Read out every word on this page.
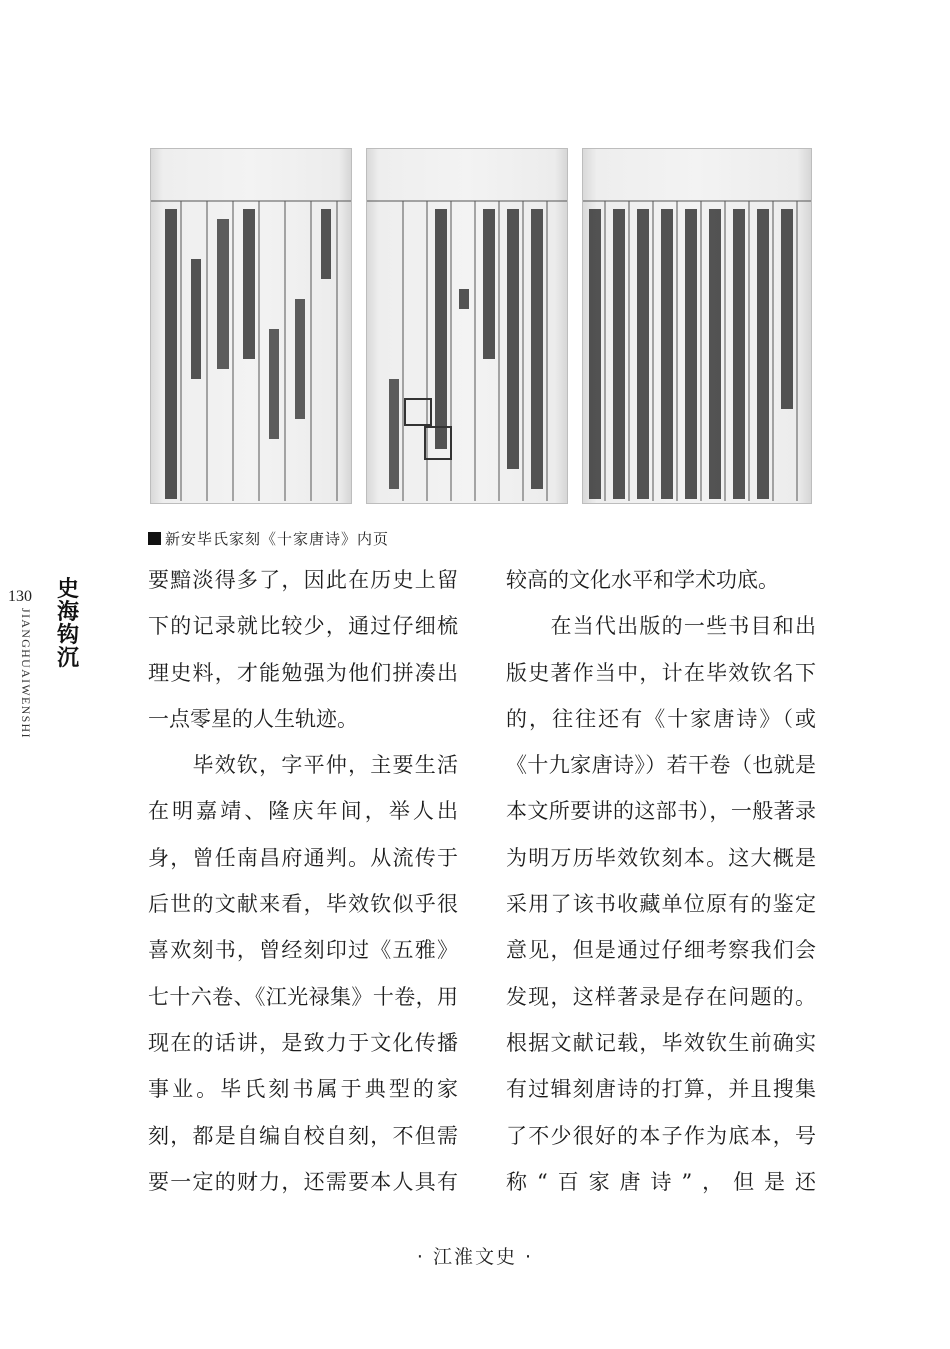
新安毕氏家刻《十家唐诗》内页
130 史海钩沉
JIANGHUAIWENSHI

要黯淡得多了，因此在历史上留下的记录就比较少，通过仔细梳理史料，才能勉强为他们拼凑出一点零星的人生轨迹。

　　毕效钦，字平仲，主要生活在明嘉靖、隆庆年间，举人出身，曾任南昌府通判。从流传于后世的文献来看，毕效钦似乎很喜欢刻书，曾经刻印过《五雅》七十六卷、《江光禄集》十卷，用现在的话讲，是致力于文化传播事业。毕氏刻书属于典型的家刻，都是自编自校自刻，不但需要一定的财力，还需要本人具有

较高的文化水平和学术功底。

　　在当代出版的一些书目和出版史著作当中，计在毕效钦名下的，往往还有《十家唐诗》（或《十九家唐诗》）若干卷（也就是本文所要讲的这部书），一般著录为明万历毕效钦刻本。这大概是采用了该书收藏单位原有的鉴定意见，但是通过仔细考察我们会发现，这样著录是存在问题的。根据文献记载，毕效钦生前确实有过辑刻唐诗的打算，并且搜集了不少很好的本子作为底本，号称“百家唐诗”，但是还

· 江淮文史 ·
